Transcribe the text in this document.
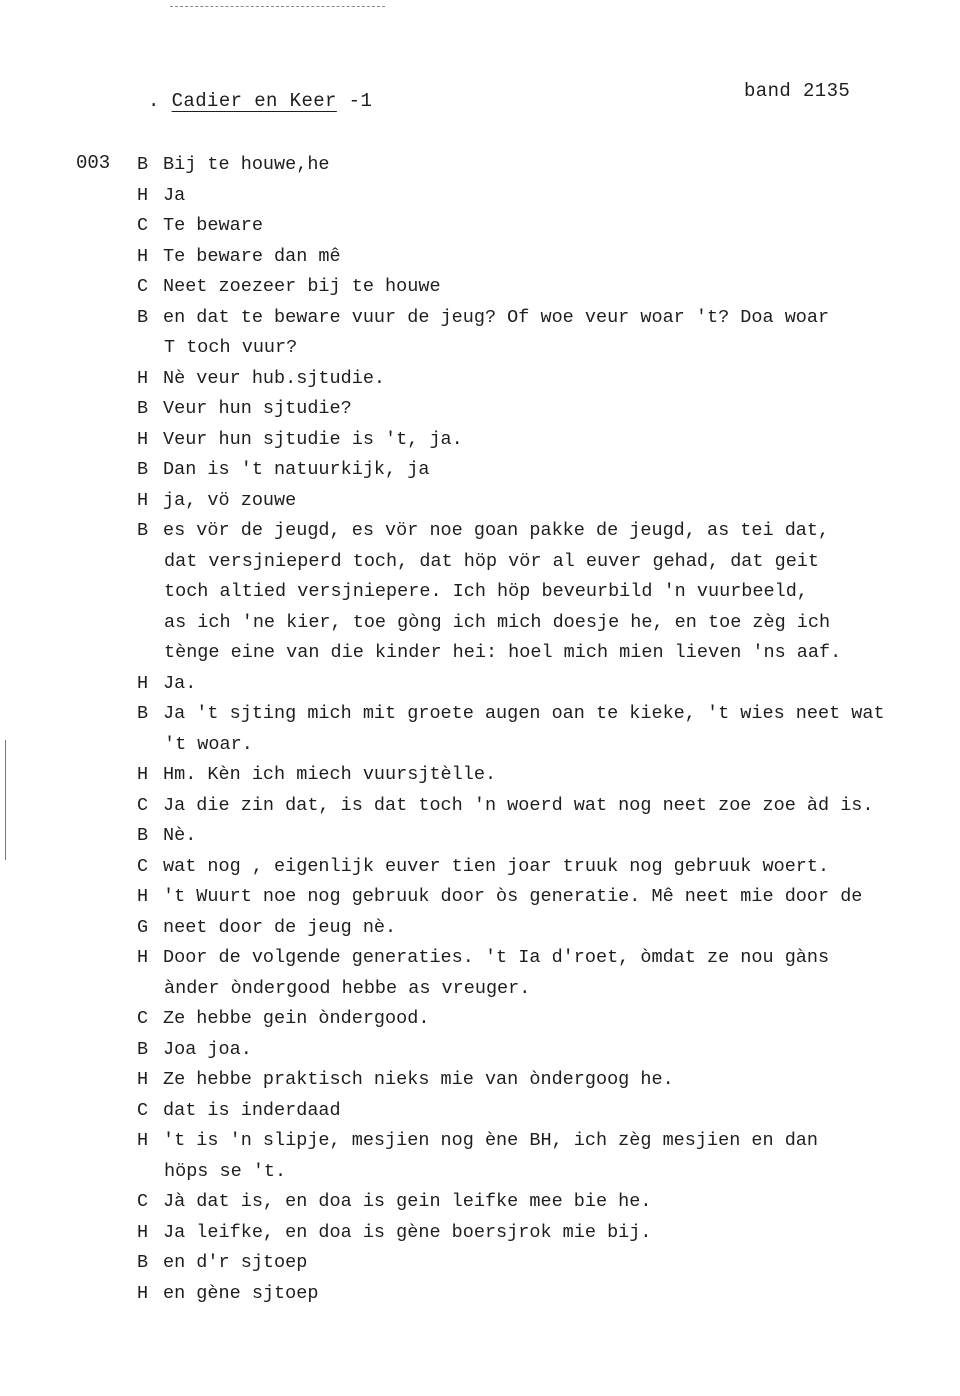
. Cadier en Keer -1	band 2135
003 B Bij te houwe,he
H Ja
C Te beware
H Te beware dan mê
C Neet zoezeer bij te houwe
B en dat te beware vuur de jeug? Of woe veur woar 't? Doa woar
T toch vuur?
H Nè veur hub.sjtudie.
B Veur hun sjtudie?
H Veur hun sjtudie is 't, ja.
B Dan is 't natuurkijk, ja
H ja, vö zouwe
B es vör de jeugd, es vör noe goan pakke de jeugd, as tei dat,
dat versjnieperd toch, dat höp vör al euver gehad, dat geit
toch altied versjniepere. Ich höp beveurbild 'n vuurbeeld,
as ich 'ne kier, toe gòng ich mich doesje he, en toe zèg ich
tènge eine van die kinder hei: hoel mich mien lieven 'ns aaf.
H Ja.
B Ja 't sjting mich mit groete augen oan te kieke, 't wies neet wat
't woar.
H Hm. Kèn ich miech vuursjtèlle.
C Ja die zin dat, is dat toch 'n woerd wat nog neet zoe zoe àd is.
B Nè.
C wat nog , eigenlijk euver tien joar truuk nog gebruuk woert.
H 't Wuurt noe nog gebruuk door òs generatie. Mê neet mie door de
G neet door de jeug nè.
H Door de volgende generaties. 't Ia d'roet, òmdat ze nou gàns
ànder òndergood hebbe as vreuger.
C Ze hebbe gein òndergood.
B Joa joa.
H Ze hebbe praktisch nieks mie van òndergoog he.
C dat is inderdaad
H 't is 'n slipje, mesjien nog ène BH, ich zèg mesjien en dan
höps se 't.
C Jà dat is, en doa is gein leifke mee bie he.
H Ja leifke, en doa is gène boersjrok mie bij.
B en d'r sjtoep
H en gène sjtoep
